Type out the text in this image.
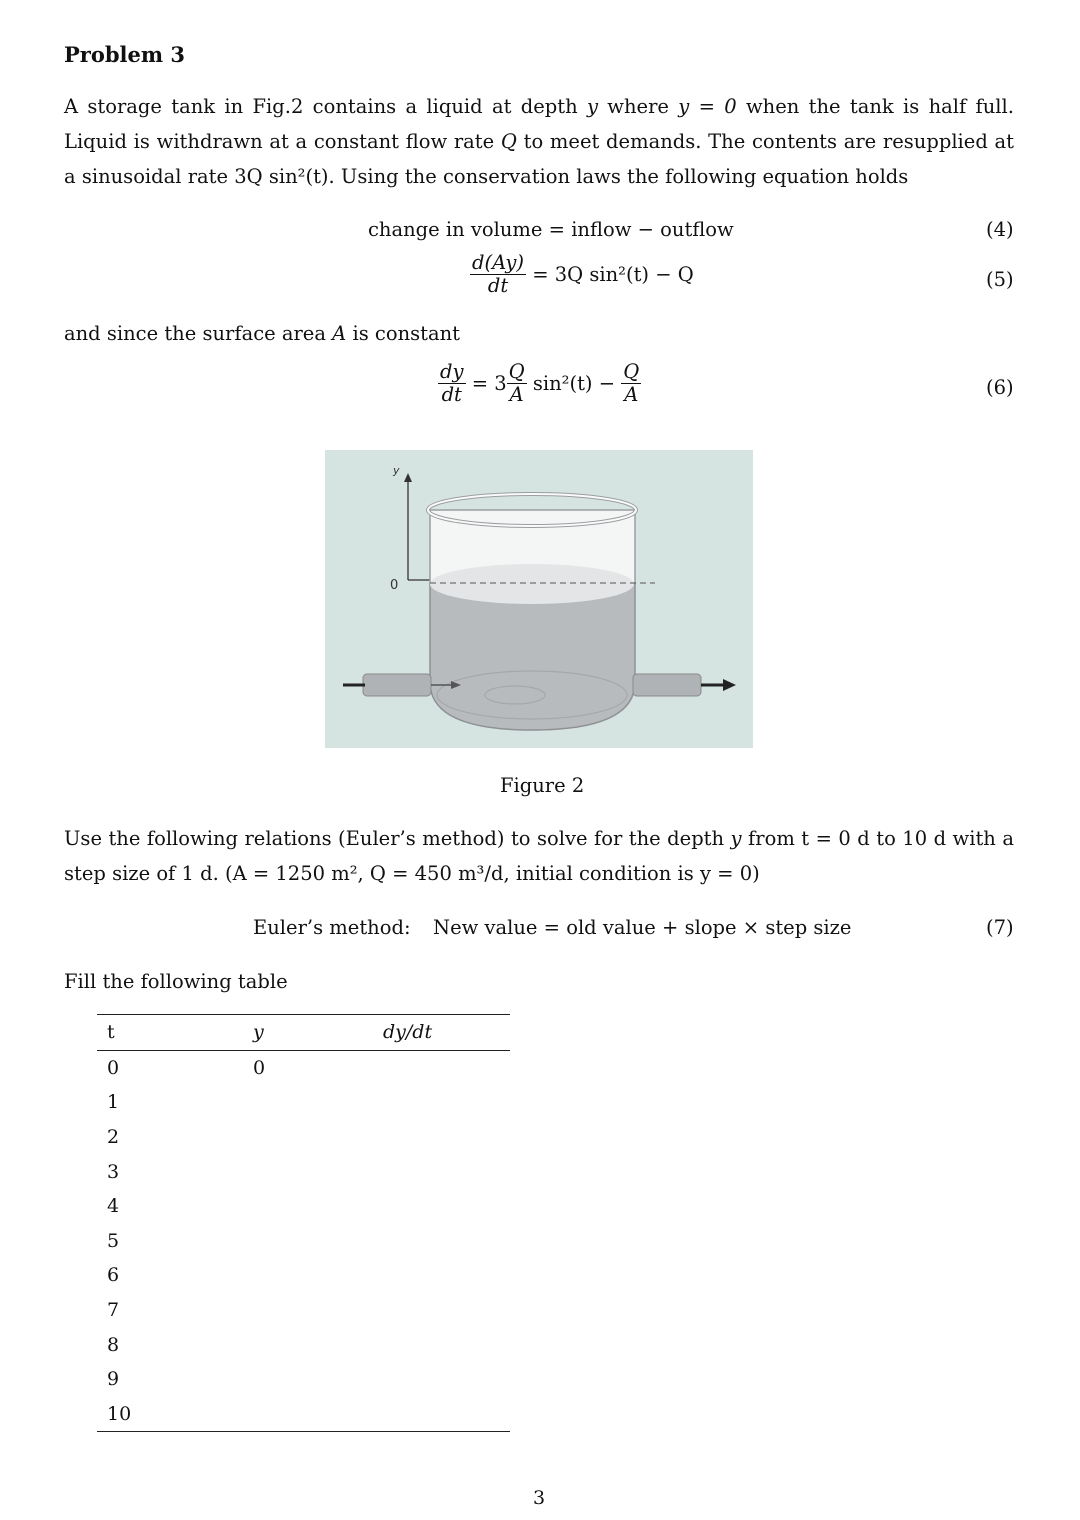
Problem 3
A storage tank in Fig.2 contains a liquid at depth y where y = 0 when the tank is half full. Liquid is withdrawn at a constant flow rate Q to meet demands. The contents are resupplied at a sinusoidal rate 3Q sin²(t). Using the conservation laws the following equation holds
change in volume = inflow − outflow	(4)
$\frac{d(Ay)}{dt} = 3Q$ sin²(t) − Q	(5)
and since the surface area A is constant
$\frac{dy}{dt} = 3 \frac{Q}{A} \sin^2(t) - \frac{Q}{A}$	(6)
y
0
Figure 2
Use the following relations (Euler’s method) to solve for the depth y from t = 0 d to 10 d with a step size of 1 d. (A = 1250 m², Q = 450 m³/d, initial condition is y = 0)
Euler’s method: New value = old value + slope × step size	(7)
Fill the following table
t	y	dy/dt
0	0	
1		
2		
3		
4		
5		
6		
7		
8		
9		
10		
3
